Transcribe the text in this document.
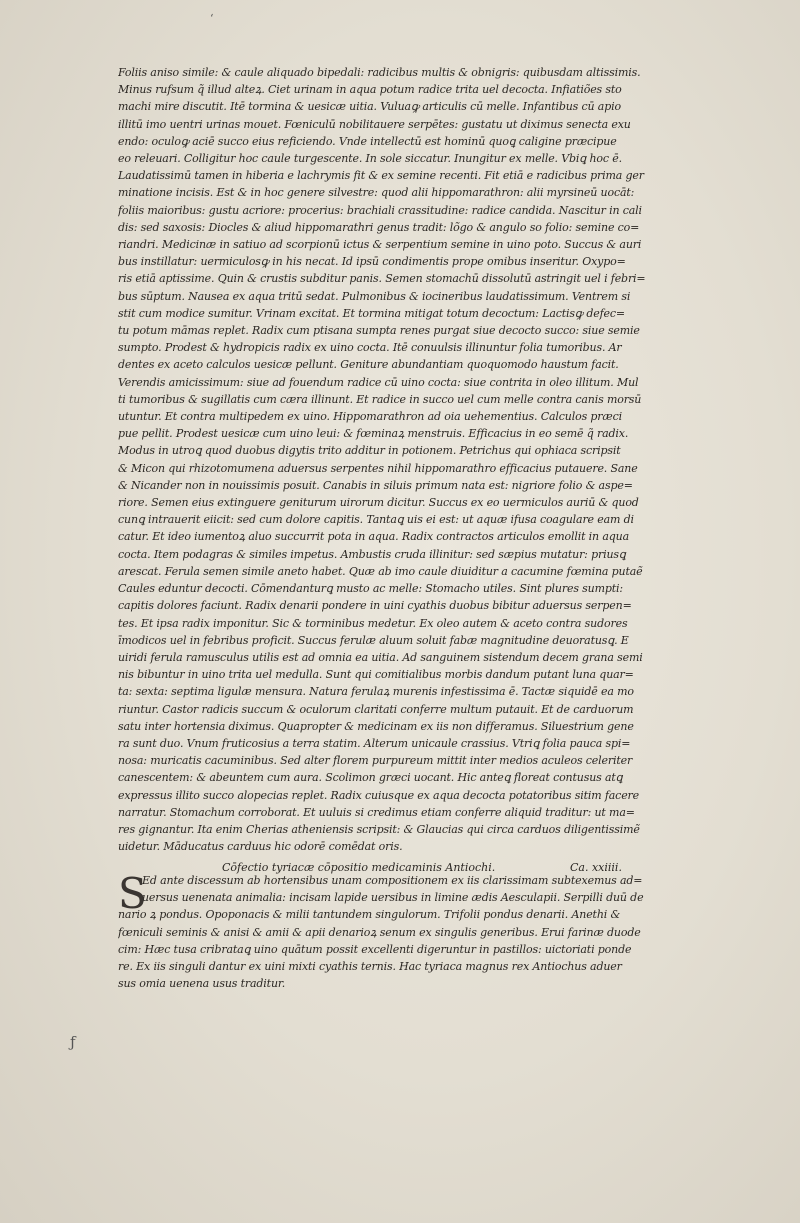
ʻ
Foliis aniso simile: & caule aliquado bipedali: radicibus multis & obnigris: quibusdam altissimis.
Minus rufsum q̃ illud alteꝝ. Ciet urinam in aqua potum radice trita uel decocta. Infiatiões sto
machi mire discutit. Itē tormina & uesicæ uitia. Vuluaꝙ articulis cū melle. Infantibus cū apio
illitū imo uentri urinas mouet. Fœniculū nobilitauere serpētes: gustatu ut diximus senecta exu
endo: oculoꝙ aciē succo eius reficiendo. Vnde intellectū est hominū quoꝗ caligine præcipue
eo releuari. Colligitur hoc caule turgescente. In sole siccatur. Inungitur ex melle. Vbiꝗ hoc ē.
Laudatissimū tamen in hiberia e lachrymis fit & ex semine recenti. Fit etiā e radicibus prima ger
minatione incisis. Est & in hoc genere silvestre: quod alii hippomarathron: alii myrsineū uocāt:
foliis maioribus: gustu acriore: procerius: brachiali crassitudine: radice candida. Nascitur in cali
dis: sed saxosis: Diocles & aliud hippomarathri genus tradit: lõgo & angulo so folio: semine co=
riandri. Medicinæ in satiuo ad scorpionū ictus & serpentium semine in uino poto. Succus & auri
bus instillatur: uermiculosꝙ in his necat. Id ipsū condimentis prope omibus inseritur. Oxypo=
ris etiā aptissime. Quin & crustis subditur panis. Semen stomachū dissolutū astringit uel i febri=
bus sūptum. Nausea ex aqua tritū sedat. Pulmonibus & iocineribus laudatissimum. Ventrem si
stit cum modice sumitur. Vrinam excitat. Et tormina mitigat totum decoctum: Lactisꝙ defec=
tu potum māmas replet. Radix cum ptisana sumpta renes purgat siue decocto succo: siue semie
sumpto. Prodest & hydropicis radix ex uino cocta. Itē conuulsis illinuntur folia tumoribus. Ar
dentes ex aceto calculos uesicæ pellunt. Geniture abundantiam quoquomodo haustum facit.
Verendis amicissimum: siue ad fouendum radice cū uino cocta: siue contrita in oleo illitum. Mul
ti tumoribus & sugillatis cum cæra illinunt. Et radice in succo uel cum melle contra canis morsū
utuntur. Et contra multipedem ex uino. Hippomarathron ad oia uehementius. Calculos præci
pue pellit. Prodest uesicæ cum uino leui: & fœminaꝝ menstruis. Efficacius in eo semē q̃ radix.
Modus in utroꝗ quod duobus digytis trito additur in potionem. Petrichus qui ophiaca scripsit
& Micon qui rhizotomumena aduersus serpentes nihil hippomarathro efficacius putauere. Sane
& Nicander non in nouissimis posuit. Canabis in siluis primum nata est: nigriore folio & aspe=
riore. Semen eius extinguere geniturum uirorum dicitur. Succus ex eo uermiculos auriū & quod
cunꝗ intrauerit eiicit: sed cum dolore capitis. Tantaꝗ uis ei est: ut aquæ ifusa coagulare eam di
catur. Et ideo iumentoꝝ aluo succurrit pota in aqua. Radix contractos articulos emollit in aqua
cocta. Item podagras & similes impetus. Ambustis cruda illinitur: sed sæpius mutatur: priusꝗ
arescat. Ferula semen simile aneto habet. Quæ ab imo caule diuiditur a cacumine fœmina putaẽ
Caules eduntur decocti. Cōmendanturꝗ musto ac melle: Stomacho utiles. Sint plures sumpti:
capitis dolores faciunt. Radix denarii pondere in uini cyathis duobus bibitur aduersus serpen=
tes. Et ipsa radix imponitur. Sic & torminibus medetur. Ex oleo autem & aceto contra sudores
īmodicos uel in febribus proficit. Succus ferulæ aluum soluit fabæ magnitudine deuoratusꝗ. E
uiridi ferula ramusculus utilis est ad omnia ea uitia. Ad sanguinem sistendum decem grana semi
nis bibuntur in uino trita uel medulla. Sunt qui comitialibus morbis dandum putant luna quar=
ta: sexta: septima ligulæ mensura. Natura ferulaꝝ murenis infestissima ē. Tactæ siquidē ea mo
riuntur. Castor radicis succum & oculorum claritati conferre multum putauit. Et de carduorum
satu inter hortensia diximus. Quapropter & medicinam ex iis non differamus. Siluestrium gene
ra sunt duo. Vnum fruticosius a terra statim. Alterum unicaule crassius. Vtriꝗ folia pauca spi=
nosa: muricatis cacuminibus. Sed alter florem purpureum mittit inter medios aculeos celeriter
canescentem: & abeuntem cum aura. Scolimon græci uocant. Hic anteꝗ floreat contusus atꝗ
expressus illito succo alopecias replet. Radix cuiusque ex aqua decocta potatoribus sitim facere
narratur. Stomachum corroborat. Et uuluis si credimus etiam conferre aliquid traditur: ut ma=
res gignantur. Ita enim Cherias atheniensis scripsit: & Glaucias qui circa carduos diligentissimẽ
uidetur. Māducatus carduus hic odorē comēdat oris.
Cōfectio tyriacæ cōpositio medicaminis Antiochi.	Ca. xxiiii.
S
Ed ante discessum ab hortensibus unam compositionem ex iis clarissimam subtexemus ad=
uersus uenenata animalia: incisam lapide uersibus in limine ædis Aesculapii. Serpilli duū de
nario ꝝ pondus. Opoponacis & milii tantundem singulorum. Trifolii pondus denarii. Anethi &
fœniculi seminis & anisi & amii & apii denarioꝝ senum ex singulis generibus. Erui farinæ duode
cim: Hæc tusa cribrataꝗ uino quātum possit excellenti digeruntur in pastillos: uictoriati ponde
re. Ex iis singuli dantur ex uini mixti cyathis ternis. Hac tyriaca magnus rex Antiochus aduer
sus omia uenena usus traditur.
ƒ
